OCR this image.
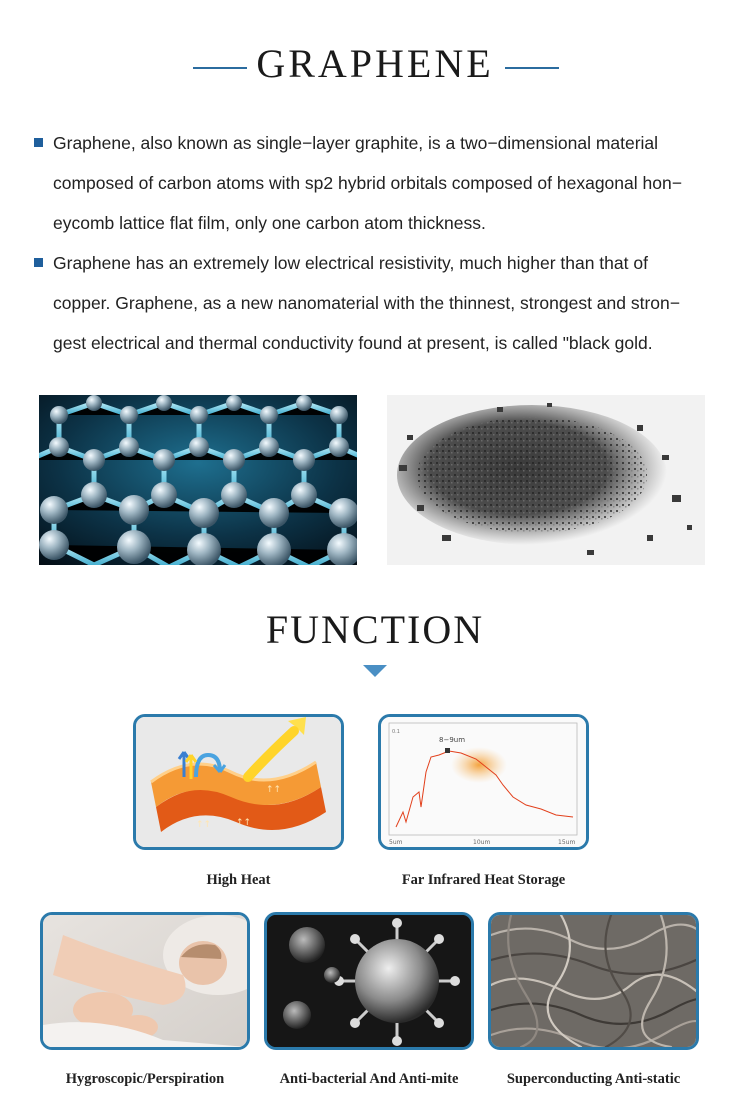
GRAPHENE
Graphene, also known as single−layer graphite, is a two−dimensional material
composed of carbon atoms with sp2 hybrid orbitals composed of hexagonal hon−
eycomb lattice flat film, only one carbon atom thickness.
Graphene has an extremely low electrical resistivity, much higher than that of
copper. Graphene, as a new nanomaterial with the thinnest, strongest and stron−
gest electrical and thermal conductivity found at present, is called "black gold.
FUNCTION
↑↑
↑↑
↑↑
8−9um
0.1
5um	10um	15um
High Heat	Far Infrared Heat Storage
Hygroscopic/Perspiration	Anti-bacterial And Anti-mite	Superconducting Anti-static
